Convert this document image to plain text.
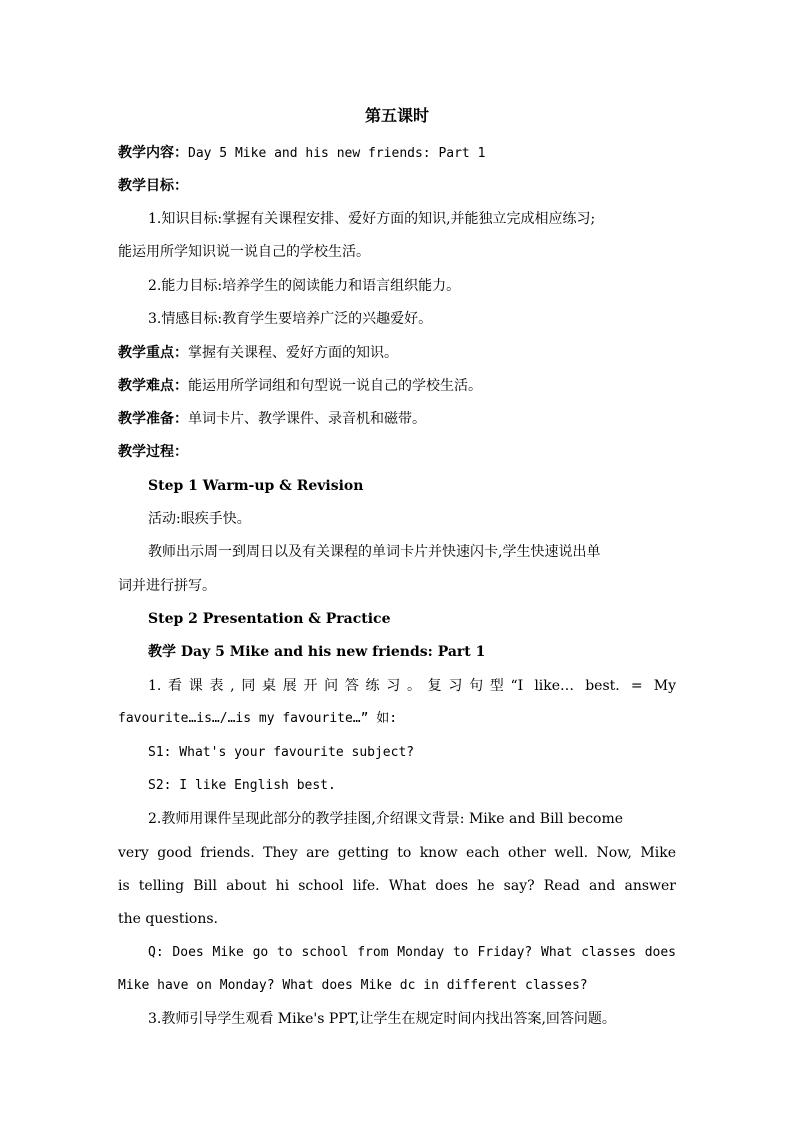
第五课时
教学内容：Day 5 Mike and his new friends: Part 1
教学目标：
1.知识目标:掌握有关课程安排、爱好方面的知识,并能独立完成相应练习;
能运用所学知识说一说自己的学校生活。
2.能力目标:培养学生的阅读能力和语言组织能力。
3.情感目标:教育学生要培养广泛的兴趣爱好。
教学重点：掌握有关课程、爱好方面的知识。
教学难点：能运用所学词组和句型说一说自己的学校生活。
教学准备：单词卡片、教学课件、录音机和磁带。
教学过程：
Step 1 Warm-up & Revision
活动:眼疾手快。
教师出示周一到周日以及有关课程的单词卡片并快速闪卡,学生快速说出单
词并进行拼写。
Step 2 Presentation & Practice
教学 Day 5 Mike and his new friends: Part 1
1.看课表,同桌展开问答练习。复习句型“I like… best. = My
favourite…is…/…is my favourite…” 如:
S1: What's your favourite subject?
S2: I like English best.
2.教师用课件呈现此部分的教学挂图,介绍课文背景: Mike and Bill become
very good friends. They are getting to know each other well. Now, Mike
is telling Bill about hi school life. What does he say? Read and answer
the questions.
Q: Does Mike go to school from Monday to Friday? What classes does
Mike have on Monday? What does Mike dc in different classes?
3.教师引导学生观看 Mike's PPT,让学生在规定时间内找出答案,回答问题。
